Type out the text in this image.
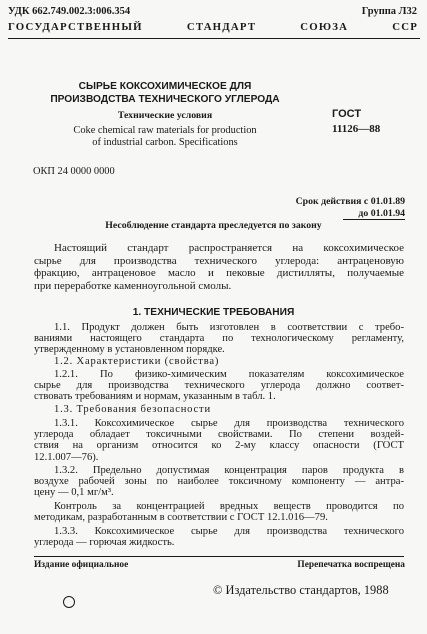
УДК 662.749.002.3:006.354	Группа Л32
ГОСУДАРСТВЕННЫЙ СТАНДАРТ СОЮЗА ССР
СЫРЬЕ КОКСОХИМИЧЕСКОЕ ДЛЯ
ПРОИЗВОДСТВА ТЕХНИЧЕСКОГО УГЛЕРОДА
Технические условия
Coke chemical raw materials for production
of industrial carbon. Specifications
ГОСТ
11126—88
ОКП 24 0000 0000
Срок действия с 01.01.89
до 01.01.94
Несоблюдение стандарта преследуется по закону
Настоящий стандарт распространяется на коксохимическое
сырье для производства технического углерода: антраценовую
фракцию, антраценовое масло и пековые дистилляты, получаемые
при переработке каменноугольной смолы.
1. ТЕХНИЧЕСКИЕ ТРЕБОВАНИЯ
1.1. Продукт должен быть изготовлен в соответствии с требо-
ваниями настоящего стандарта по технологическому регламенту,
утвержденному в установленном порядке.
1.2. Характеристики (свойства)
1.2.1. По физико-химическим показателям коксохимическое
сырье для производства технического углерода должно соответ-
ствовать требованиям и нормам, указанным в табл. 1.
1.3. Требования безопасности
1.3.1. Коксохимическое сырье для производства технического
углерода обладает токсичными свойствами. По степени воздей-
ствия на организм относится ко 2-му классу опасности (ГОСТ
12.1.007—76).
1.3.2. Предельно допустимая концентрация паров продукта в
воздухе рабочей зоны по наиболее токсичному компоненту — антра-
цену — 0,1 мг/м³.
Контроль за концентрацией вредных веществ проводится по
методикам, разработанным в соответствии с ГОСТ 12.1.016—79.
1.3.3. Коксохимическое сырье для производства технического
углерода — горючая жидкость.
Издание официальное	Перепечатка воспрещена
© Издательство стандартов, 1988
